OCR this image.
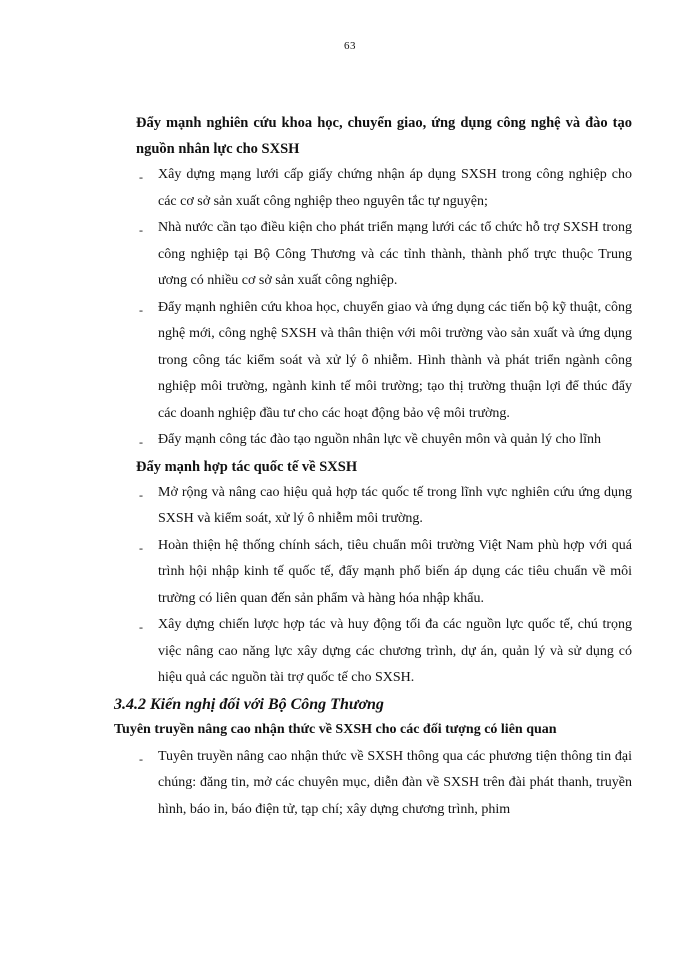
63

Đẩy mạnh nghiên cứu khoa học, chuyển giao, ứng dụng công nghệ và đào tạo nguồn nhân lực cho SXSH

- Xây dựng mạng lưới cấp giấy chứng nhận áp dụng SXSH trong công nghiệp cho các cơ sở sản xuất công nghiệp theo nguyên tắc tự nguyện;
- Nhà nước cần tạo điều kiện cho phát triển mạng lưới các tổ chức hỗ trợ SXSH trong công nghiệp tại Bộ Công Thương và các tỉnh thành, thành phố trực thuộc Trung ương có nhiều cơ sở sản xuất công nghiệp.
- Đẩy mạnh nghiên cứu khoa học, chuyển giao và ứng dụng các tiến bộ kỹ thuật, công nghệ mới, công nghệ SXSH và thân thiện với môi trường vào sản xuất và ứng dụng trong công tác kiểm soát và xử lý ô nhiễm. Hình thành và phát triển ngành công nghiệp môi trường, ngành kinh tế môi trường; tạo thị trường thuận lợi để thúc đẩy các doanh nghiệp đầu tư cho các hoạt động bảo vệ môi trường.
- Đẩy mạnh công tác đào tạo nguồn nhân lực về chuyên môn và quản lý cho lĩnh

Đẩy mạnh hợp tác quốc tế về SXSH

- Mở rộng và nâng cao hiệu quả hợp tác quốc tế trong lĩnh vực nghiên cứu ứng dụng SXSH và kiểm soát, xử lý ô nhiễm môi trường.
- Hoàn thiện hệ thống chính sách, tiêu chuẩn môi trường Việt Nam phù hợp với quá trình hội nhập kinh tế quốc tế, đẩy mạnh phổ biến áp dụng các tiêu chuẩn về môi trường có liên quan đến sản phẩm và hàng hóa nhập khẩu.
- Xây dựng chiến lược hợp tác và huy động tối đa các nguồn lực quốc tế, chú trọng việc nâng cao năng lực xây dựng các chương trình, dự án, quản lý và sử dụng có hiệu quả các nguồn tài trợ quốc tế cho SXSH.

3.4.2 Kiến nghị đối với Bộ Công Thương

Tuyên truyền nâng cao nhận thức về SXSH cho các đối tượng có liên quan

- Tuyên truyền nâng cao nhận thức về SXSH thông qua các phương tiện thông tin đại chúng: đăng tin, mở các chuyên mục, diễn đàn về SXSH trên đài phát thanh, truyền hình, báo in, báo điện tử, tạp chí; xây dựng chương trình, phim
